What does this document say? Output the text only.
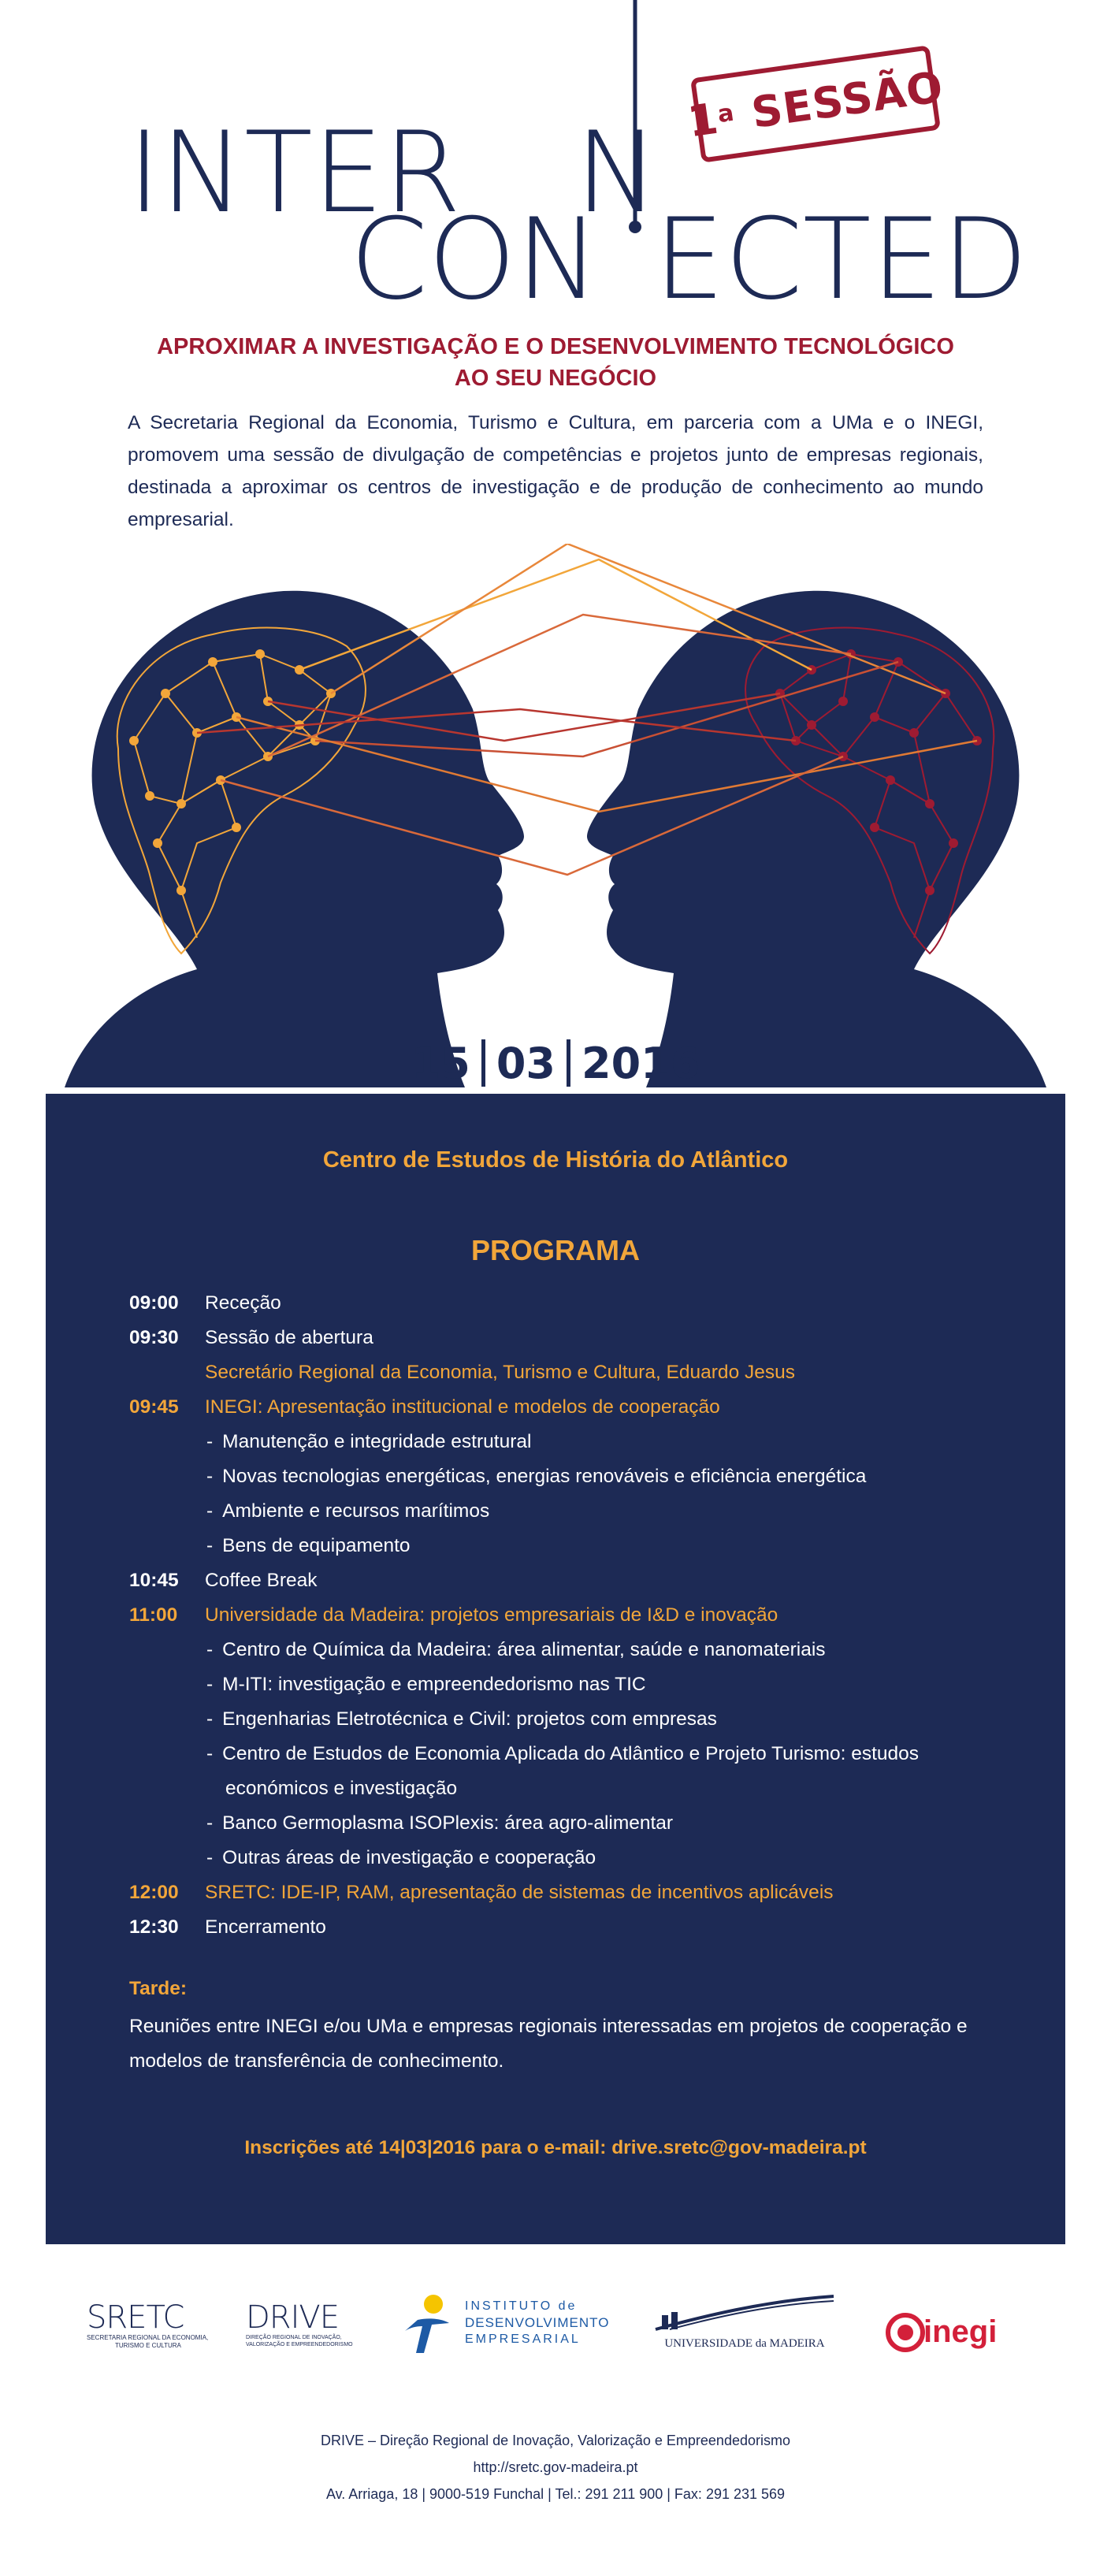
INTER N
CON ECTED
1
$^a$
SESSÃO
APROXIMAR A INVESTIGAÇÃO E O DESENVOLVIMENTO TECNOLÓGICO
AO SEU NEGÓCIO
A Secretaria Regional da Economia, Turismo e Cultura, em parceria com a UMa e o INEGI, promovem uma sessão de divulgação de competências e projetos junto de empresas regionais, destinada a aproximar os centros de investigação e de produção de conhecimento ao mundo empresarial.
15 03 2016
Centro de Estudos de História do Atlântico
PROGRAMA
09:00	Receção
09:30	Sessão de abertura
Secretário Regional da Economia, Turismo e Cultura, Eduardo Jesus
09:45	INEGI: Apresentação institucional e modelos de cooperação
- Manutenção e integridade estrutural
- Novas tecnologias energéticas, energias renováveis e eficiência energética
- Ambiente e recursos marítimos
- Bens de equipamento
10:45	Coffee Break
11:00	Universidade da Madeira: projetos empresariais de I&D e inovação
- Centro de Química da Madeira: área alimentar, saúde e nanomateriais
- M-ITI: investigação e empreendedorismo nas TIC
- Engenharias Eletrotécnica e Civil: projetos com empresas
- Centro de Estudos de Economia Aplicada do Atlântico e Projeto Turismo: estudos
económicos e investigação
- Banco Germoplasma ISOPlexis: área agro-alimentar
- Outras áreas de investigação e cooperação
12:00	SRETC: IDE-IP, RAM, apresentação de sistemas de incentivos aplicáveis
12:30	Encerramento
Tarde:
Reuniões entre INEGI e/ou UMa e empresas regionais interessadas em projetos de cooperação e modelos de transferência de conhecimento.
Inscrições até 14|03|2016 para o e-mail: drive.sretc@gov-madeira.pt
SRETC
SECRETARIA REGIONAL DA ECONOMIA,
TURISMO E CULTURA
DRIVE
DIREÇÃO REGIONAL DE INOVAÇÃO,
VALORIZAÇÃO E EMPREENDEDORISMO
INSTITUTO de
DESENVOLVIMENTO
EMPRESARIAL	UNIVERSIDADE da MADEIRA	inegi
DRIVE – Direção Regional de Inovação, Valorização e Empreendedorismo
http://sretc.gov-madeira.pt
Av. Arriaga, 18 | 9000-519 Funchal | Tel.: 291 211 900 | Fax: 291 231 569
